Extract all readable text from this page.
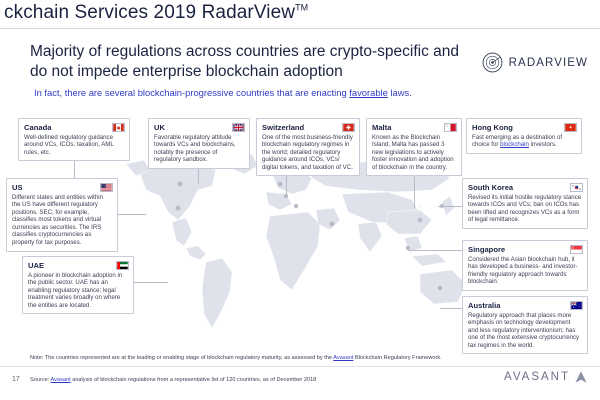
ckchain Services 2019 RadarView™
Majority of regulations across countries are crypto-specific and do not impede enterprise blockchain adoption
In fact, there are several blockchain-progressive countries that are enacting favorable laws.
RADARVIEW
Canada
Well-defined regulatory guidance around VCs, ICOs, taxation, AML rules, etc.
UK
Favorable regulatory attitude towards VCs and blockchains, notably the presence of regulatory sandbox.
Switzerland
One of the most business-friendly blockchain regulatory regimes in the world; detailed regulatory guidance around ICOs, VCs/ digital tokens, and taxation of VC.
Malta
Known as the Blockchain Island, Malta has passed 3 new legislations to actively foster innovation and adoption of blockchain in the country.
Hong Kong
Fast emerging as a destination of choice for blockchain investors.
US
Different states and entities within the US have different regulatory positions. SEC, for example, classifies most tokens and virtual currencies as securities. The IRS classifies cryptocurrencies as property for tax purposes.
UAE
A pioneer in blockchain adoption in the public sector. UAE has an enabling regulatory stance; legal treatment varies broadly on where the entities are located.
South Korea
Revised its initial hostile regulatory stance towards ICOs and VCs; ban on ICOs has been lifted and recognizes VCs as a form of legal remittance.
Singapore
Considered the Asian blockchain hub, it has developed a business- and investor-friendly regulatory approach towards blockchain.
Australia
Regulatory approach that places more emphasis on technology development and less regulatory interventionism; has one of the most extensive cryptocurrency tax regimes in the world.
Note: The countries represented are at the leading or enabling stage of blockchain regulatory maturity, as assessed by the Avasant Blockchain Regulatory Framework.
Source: Avasant analysis of blockchain regulations from a representative list of 120 countries, as of December 2018
17	AVASANT
